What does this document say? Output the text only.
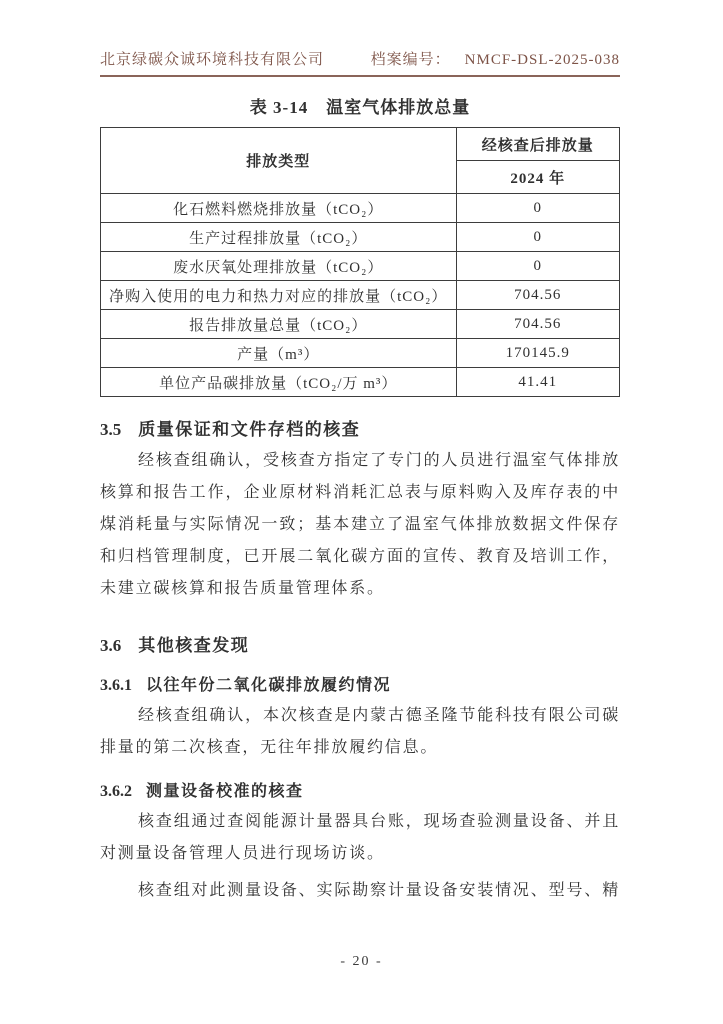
北京绿碳众诚环境科技有限公司	档案编号： NMCF-DSL-2025-038
表 3-14　温室气体排放总量
排放类型	经核查后排放量
	2024 年
化石燃料燃烧排放量（tCO₂）	0
生产过程排放量（tCO₂）	0
废水厌氧处理排放量（tCO₂）	0
净购入使用的电力和热力对应的排放量（tCO₂）	704.56
报告排放量总量（tCO₂）	704.56
产量（m³）	170145.9
单位产品碳排放量（tCO₂/万 m³）	41.41
3.5 质量保证和文件存档的核查

经核查组确认，受核查方指定了专门的人员进行温室气体排放核算和报告工作，企业原材料消耗汇总表与原料购入及库存表的中煤消耗量与实际情况一致；基本建立了温室气体排放数据文件保存和归档管理制度，已开展二氧化碳方面的宣传、教育及培训工作，未建立碳核算和报告质量管理体系。

3.6 其他核查发现
3.6.1 以往年份二氧化碳排放履约情况

经核查组确认，本次核查是内蒙古德圣隆节能科技有限公司碳排量的第二次核查，无往年排放履约信息。

3.6.2 测量设备校准的核查

核查组通过查阅能源计量器具台账，现场查验测量设备、并且对测量设备管理人员进行现场访谈。

核查组对此测量设备、实际勘察计量设备安装情况、型号、精

- 20 -
